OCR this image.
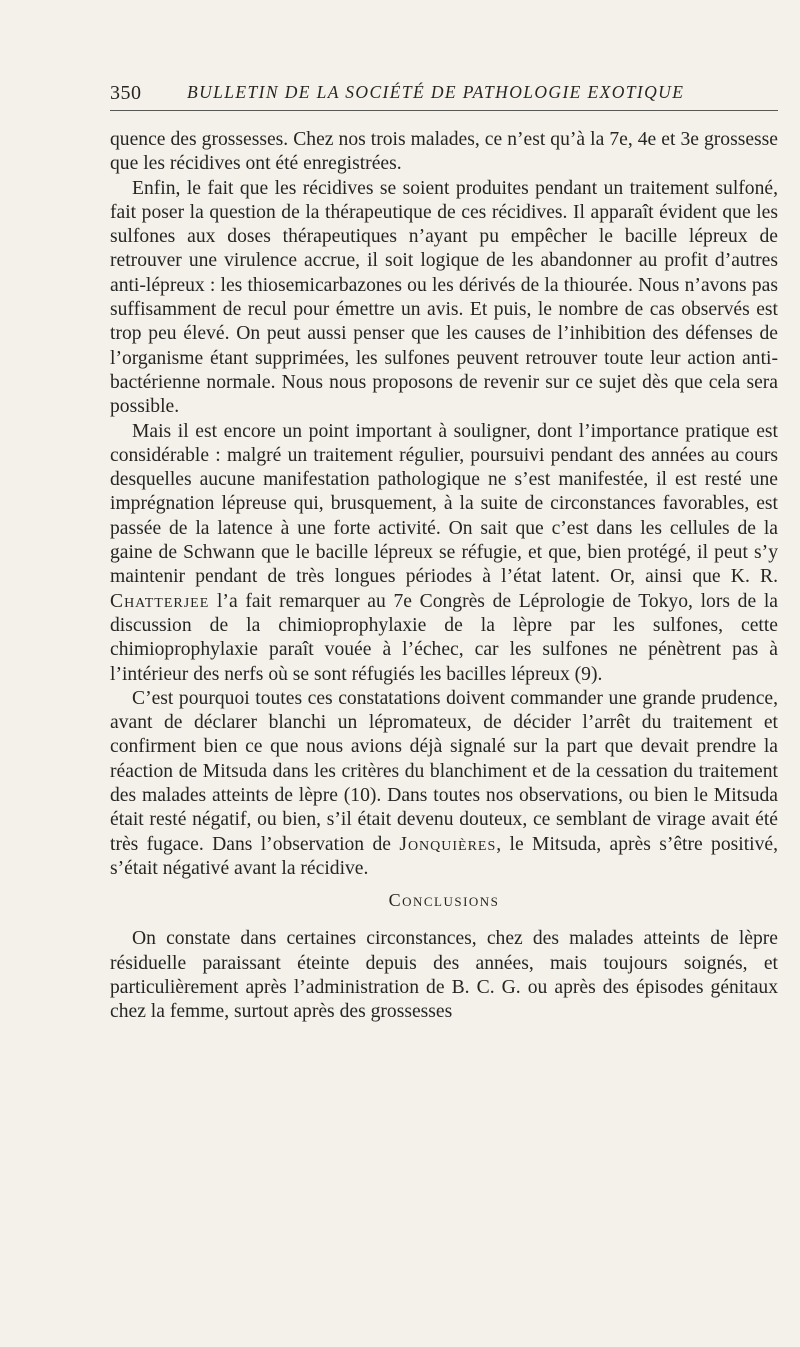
350	BULLETIN DE LA SOCIÉTÉ DE PATHOLOGIE EXOTIQUE

quence des grossesses. Chez nos trois malades, ce n’est qu’à la 7e, 4e et 3e grossesse que les récidives ont été enregistrées.

Enfin, le fait que les récidives se soient produites pendant un traitement sulfoné, fait poser la question de la thérapeutique de ces récidives. Il apparaît évident que les sulfones aux doses thérapeutiques n’ayant pu empêcher le bacille lépreux de retrouver une virulence accrue, il soit logique de les abandonner au profit d’autres anti-lépreux : les thiosemicarbazones ou les dérivés de la thiourée. Nous n’avons pas suffisamment de recul pour émettre un avis. Et puis, le nombre de cas observés est trop peu élevé. On peut aussi penser que les causes de l’inhibition des défenses de l’organisme étant supprimées, les sulfones peuvent retrouver toute leur action anti-bactérienne normale. Nous nous proposons de revenir sur ce sujet dès que cela sera possible.

Mais il est encore un point important à souligner, dont l’importance pratique est considérable : malgré un traitement régulier, poursuivi pendant des années au cours desquelles aucune manifestation pathologique ne s’est manifestée, il est resté une imprégnation lépreuse qui, brusquement, à la suite de circonstances favorables, est passée de la latence à une forte activité. On sait que c’est dans les cellules de la gaine de Schwann que le bacille lépreux se réfugie, et que, bien protégé, il peut s’y maintenir pendant de très longues périodes à l’état latent. Or, ainsi que K. R. Chatterjee l’a fait remarquer au 7e Congrès de Léprologie de Tokyo, lors de la discussion de la chimioprophylaxie de la lèpre par les sulfones, cette chimioprophylaxie paraît vouée à l’échec, car les sulfones ne pénètrent pas à l’intérieur des nerfs où se sont réfugiés les bacilles lépreux (9).

C’est pourquoi toutes ces constatations doivent commander une grande prudence, avant de déclarer blanchi un lépromateux, de décider l’arrêt du traitement et confirment bien ce que nous avions déjà signalé sur la part que devait prendre la réaction de Mitsuda dans les critères du blanchiment et de la cessation du traitement des malades atteints de lèpre (10). Dans toutes nos observations, ou bien le Mitsuda était resté négatif, ou bien, s’il était devenu douteux, ce semblant de virage avait été très fugace. Dans l’observation de Jonquières, le Mitsuda, après s’être positivé, s’était négativé avant la récidive.

Conclusions

On constate dans certaines circonstances, chez des malades atteints de lèpre résiduelle paraissant éteinte depuis des années, mais toujours soignés, et particulièrement après l’administration de B. C. G. ou après des épisodes génitaux chez la femme, surtout après des grossesses
